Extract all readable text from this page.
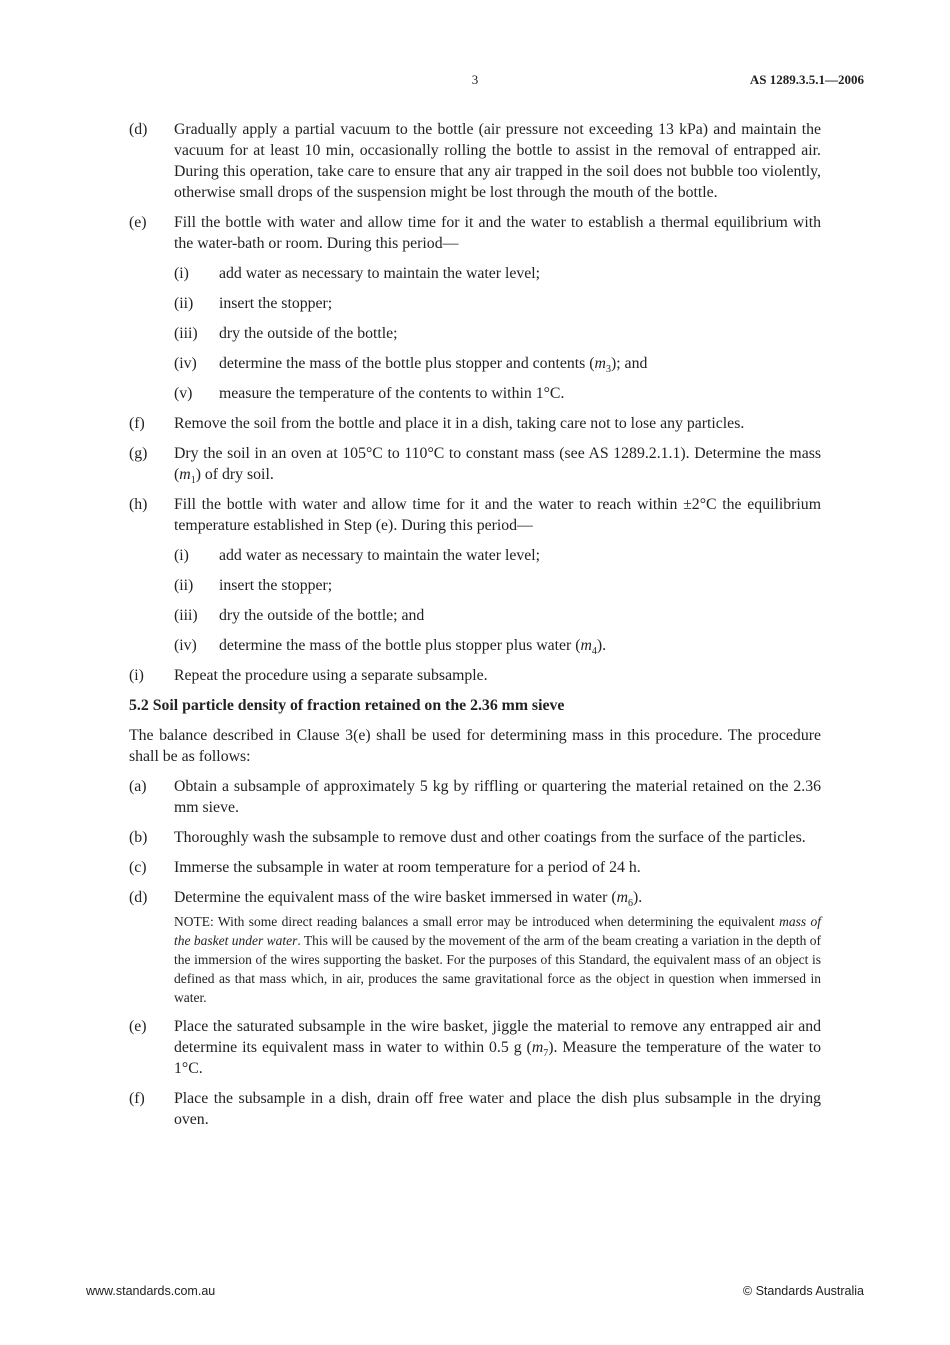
3	AS 1289.3.5.1—2006
(d)	Gradually apply a partial vacuum to the bottle (air pressure not exceeding 13 kPa) and maintain the vacuum for at least 10 min, occasionally rolling the bottle to assist in the removal of entrapped air. During this operation, take care to ensure that any air trapped in the soil does not bubble too violently, otherwise small drops of the suspension might be lost through the mouth of the bottle.
(e)	Fill the bottle with water and allow time for it and the water to establish a thermal equilibrium with the water-bath or room. During this period—
(i)	add water as necessary to maintain the water level;
(ii)	insert the stopper;
(iii)	dry the outside of the bottle;
(iv)	determine the mass of the bottle plus stopper and contents $(m_3)$; and
(v)	measure the temperature of the contents to within 1°C.
(f)	Remove the soil from the bottle and place it in a dish, taking care not to lose any particles.
(g)	Dry the soil in an oven at 105°C to 110°C to constant mass (see AS 1289.2.1.1). Determine the mass $(m_1)$ of dry soil.
(h)	Fill the bottle with water and allow time for it and the water to reach within ±2°C the equilibrium temperature established in Step (e). During this period—
(i)	add water as necessary to maintain the water level;
(ii)	insert the stopper;
(iii)	dry the outside of the bottle; and
(iv)	determine the mass of the bottle plus stopper plus water $(m_4)$.
(i)	Repeat the procedure using a separate subsample.
5.2 Soil particle density of fraction retained on the 2.36 mm sieve
The balance described in Clause 3(e) shall be used for determining mass in this procedure. The procedure shall be as follows:
(a)	Obtain a subsample of approximately 5 kg by riffling or quartering the material retained on the 2.36 mm sieve.
(b)	Thoroughly wash the subsample to remove dust and other coatings from the surface of the particles.
(c)	Immerse the subsample in water at room temperature for a period of 24 h.
(d)	Determine the equivalent mass of the wire basket immersed in water $(m_6)$.
NOTE: With some direct reading balances a small error may be introduced when determining the equivalent mass of the basket under water. This will be caused by the movement of the arm of the beam creating a variation in the depth of the immersion of the wires supporting the basket. For the purposes of this Standard, the equivalent mass of an object is defined as that mass which, in air, produces the same gravitational force as the object in question when immersed in water.
(e)	Place the saturated subsample in the wire basket, jiggle the material to remove any entrapped air and determine its equivalent mass in water to within 0.5 g $(m_7)$. Measure the temperature of the water to 1°C.
(f)	Place the subsample in a dish, drain off free water and place the dish plus subsample in the drying oven.
www.standards.com.au	© Standards Australia
